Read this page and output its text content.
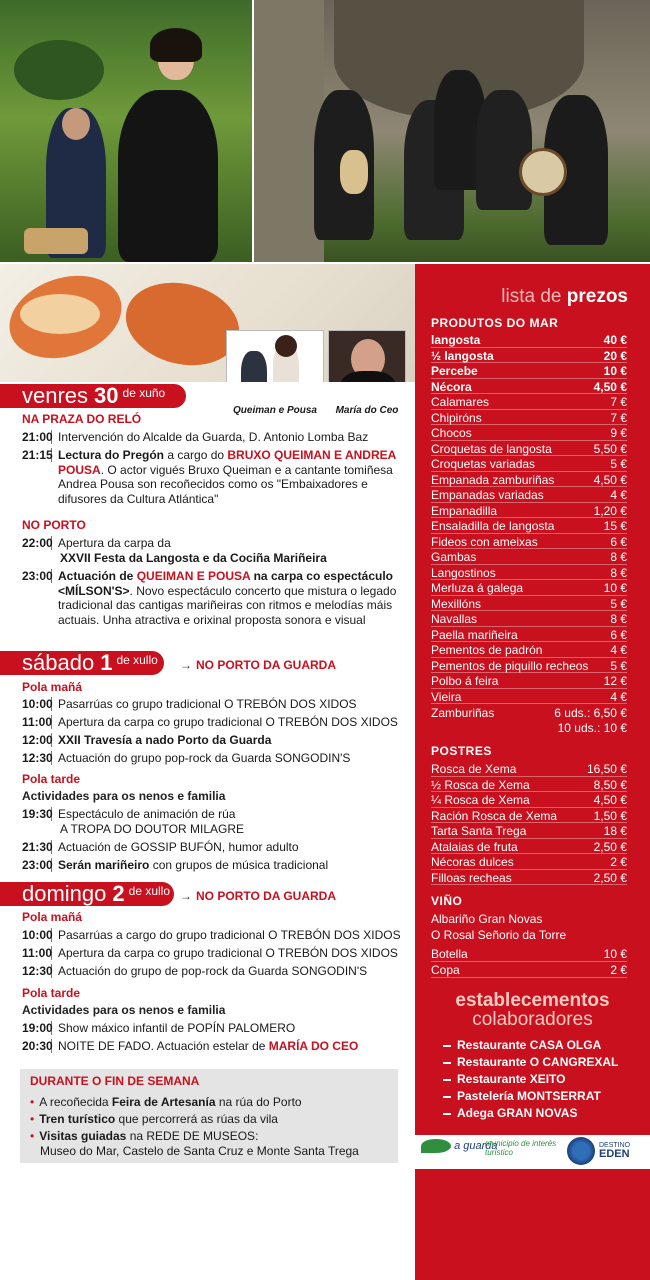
Queiman e Pousa	María do Ceo
venres 30 de xuño
NA PRAZA DO RELÓ
21:00 Intervención do Alcalde da Guarda, D. Antonio Lomba Baz
21:15 Lectura do Pregón a cargo do BRUXO QUEIMAN E ANDREA POUSA. O actor vigués Bruxo Queiman e a cantante tomiñesa Andrea Pousa son recoñecidos como os "Embaixadores e difusores da Cultura Atlántica"
NO PORTO
22:00 Apertura da carpa da
XXVII Festa da Langosta e da Cociña Mariñeira
23:00 Actuación de QUEIMAN E POUSA na carpa co espectáculo <MÍLSON'S>. Novo espectáculo concerto que mistura o legado tradicional das cantigas mariñeiras con ritmos e melodías máis actuais. Unha atractiva e orixinal proposta sonora e visual
sábado 1 de xullo → NO PORTO DA GUARDA
Pola mañá
10:00 Pasarrúas co grupo tradicional O TREBÓN DOS XIDOS
11:00 Apertura da carpa co grupo tradicional O TREBÓN DOS XIDOS
12:00 XXII Travesía a nado Porto da Guarda
12:30 Actuación do grupo pop-rock da Guarda SONGODIN'S
Pola tarde
Actividades para os nenos e familia
19:30 Espectáculo de animación de rúa
A TROPA DO DOUTOR MILAGRE
21:30 Actuación de GOSSIP BUFÓN, humor adulto
23:00 Serán mariñeiro con grupos de música tradicional
domingo 2 de xullo → NO PORTO DA GUARDA
Pola mañá
10:00 Pasarrúas a cargo do grupo tradicional O TREBÓN DOS XIDOS
11:00 Apertura da carpa co grupo tradicional O TREBÓN DOS XIDOS
12:30 Actuación do grupo de pop-rock da Guarda SONGODIN'S
Pola tarde
Actividades para os nenos e familia
19:00 Show máxico infantil de POPÍN PALOMERO
20:30 NOITE DE FADO. Actuación estelar de MARÍA DO CEO
DURANTE O FIN DE SEMANA
• A recoñecida Feira de Artesanía na rúa do Porto
• Tren turístico que percorrerá as rúas da vila
• Visitas guiadas na REDE DE MUSEOS:
Museo do Mar, Castelo de Santa Cruz e Monte Santa Trega
lista de prezos
PRODUTOS DO MAR
langosta	40 €
½ langosta	20 €
Percebe	10 €
Nécora	4,50 €
Calamares	7 €
Chipiróns	7 €
Chocos	9 €
Croquetas de langosta	5,50 €
Croquetas variadas	5 €
Empanada zamburiñas	4,50 €
Empanadas variadas	4 €
Empanadilla	1,20 €
Ensaladilla de langosta	15 €
Fideos con ameixas	6 €
Gambas	8 €
Langostinos	8 €
Merluza á galega	10 €
Mexillóns	5 €
Navallas	8 €
Paella mariñeira	6 €
Pementos de padrón	4 €
Pementos de piquillo recheos 5 €
Polbo á feira	12 €
Vieira	4 €
Zamburiñas	6 uds.: 6,50 €
10 uds.: 10 €
POSTRES
Rosca de Xema	16,50 €
½ Rosca de Xema	8,50 €
¼ Rosca de Xema	4,50 €
Ración Rosca de Xema	1,50 €
Tarta Santa Trega	18 €
Atalaias de fruta	2,50 €
Nécoras dulces	2 €
Filloas recheas	2,50 €
VIÑO
Albariño Gran Novas
O Rosal Señorio da Torre
Botella	10 €
Copa	2 €
establecementos
colaboradores
Restaurante CASA OLGA
Restaurante O CANGREXAL
Restaurante XEITO
Pastelería MONTSERRAT
Adega GRAN NOVAS
a guarda
municipio de interés turístico
DESTINO
EDEN
